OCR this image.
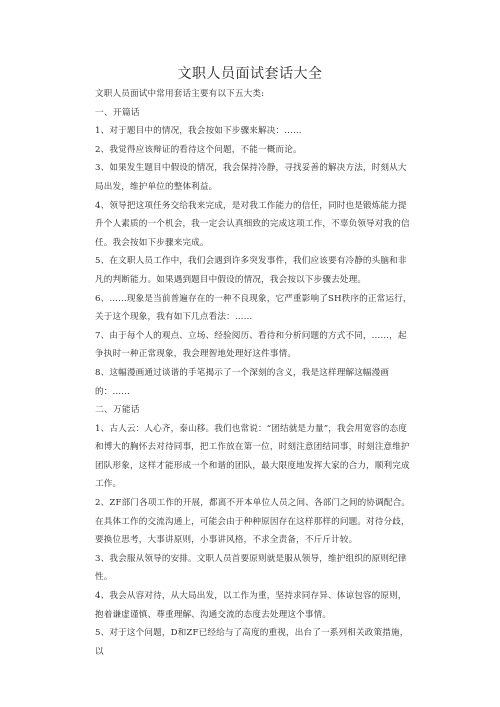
文职人员面试套话大全

文职人员面试中常用套话主要有以下五大类:

一、开篇话

1、对于题目中的情况，我会按如下步骤来解决：……

2、我觉得应该辩证的看待这个问题，不能一概而论。

3、如果发生题目中假设的情况，我会保持冷静，寻找妥善的解决方法，时刻从大局出发，维护单位的整体利益。

4、领导把这项任务交给我来完成，是对我工作能力的信任，同时也是锻炼能力提升个人素质的一个机会，我一定会认真细致的完成这项工作，不辜负领导对我的信任。我会按如下步骤来完成。

5、在文职人员工作中，我们会遇到许多突发事件，我们应该要有冷静的头脑和非凡的判断能力。如果遇到题目中假设的情况，我会按以下步骤去处理。

6、……现象是当前普遍存在的一种不良现象，它严重影响了SH秩序的正常运行，关于这个现象，我有如下几点看法：……

7、由于每个人的观点、立场、经验阅历、看待和分析问题的方式不同，……，起争执时一种正常现象，我会理智地处理好这件事情。

8、这幅漫画通过谈谐的手笔揭示了一个深刻的含义，我是这样理解这幅漫画的：……

二、万能话

1、古人云：人心齐，泰山移。我们也常说：“团结就是力量”，我会用宽容的态度和博大的胸怀去对待同事，把工作放在第一位，时刻注意团结同事，时刻注意维护团队形象，这样才能形成一个和谐的团队，最大限度地发挥大家的合力，顺利完成工作。

2、ZF部门各项工作的开展，都离不开本单位人员之间、各部门之间的协调配合。在具体工作的交流沟通上，可能会由于种种原因存在这样那样的问题。对待分歧，要换位思考，大事讲原则，小事讲风格，不求全责备，不斤斤计较。

3、我会服从领导的安排。文职人员首要原则就是服从领导，维护组织的原则纪律性。

4、我会从容对待，从大局出发，以工作为重，坚持求同存异、体谅包容的原则，抱着谦虚谨慎、尊重理解、沟通交流的态度去处理这个事情。

5、对于这个问题，D和ZF已经给与了高度的重视，出台了一系列相关政策措施，以
